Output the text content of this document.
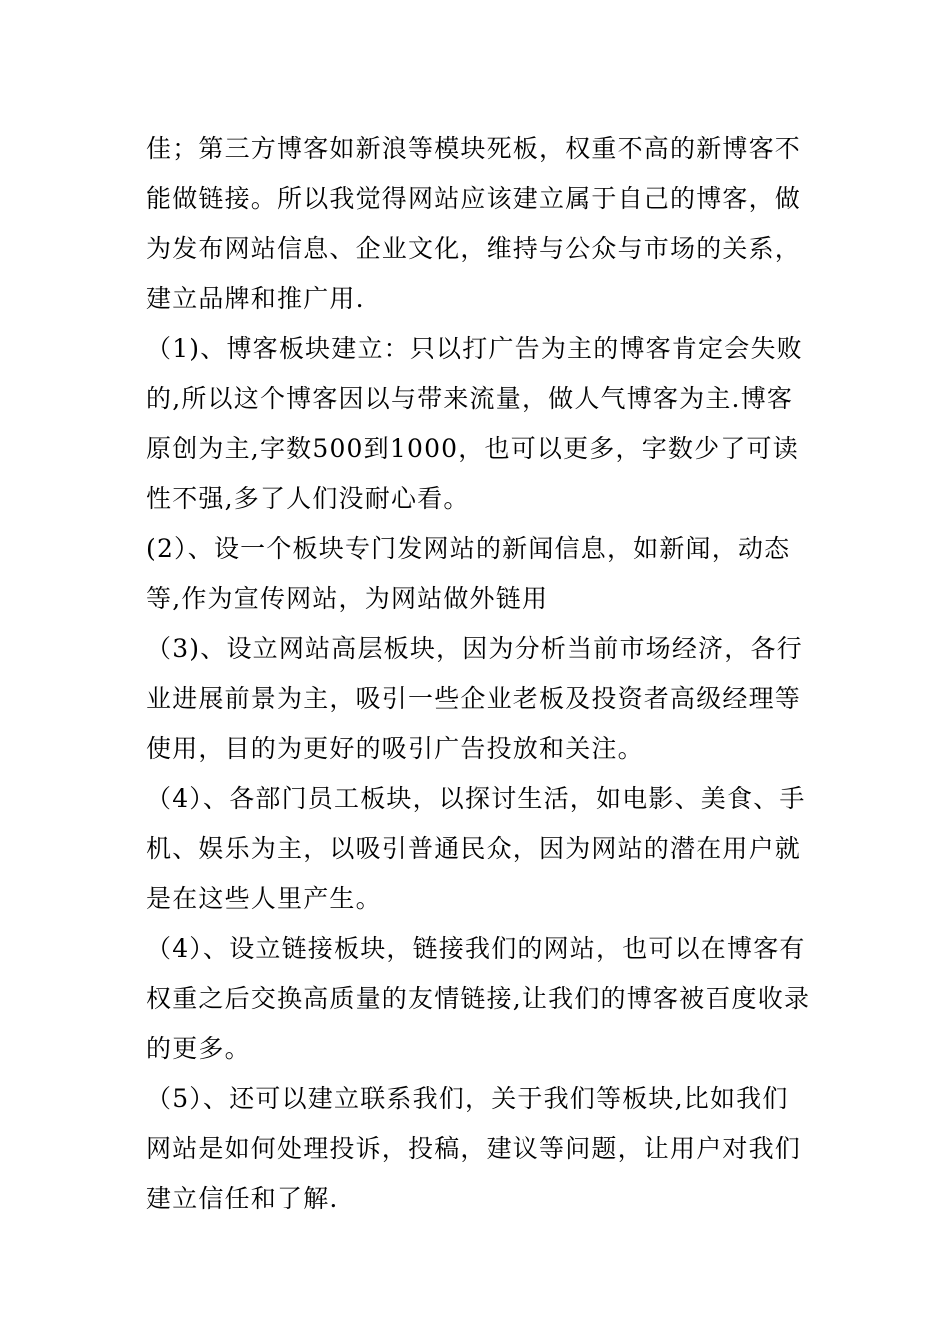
佳；第三方博客如新浪等模块死板，权重不高的新博客不能做链接。所以我觉得网站应该建立属于自己的博客，做为发布网站信息、企业文化，维持与公众与市场的关系，建立品牌和推广用.

（1)、博客板块建立：只以打广告为主的博客肯定会失败的,所以这个博客因以与带来流量，做人气博客为主.博客原创为主,字数500到1000，也可以更多，字数少了可读性不强,多了人们没耐心看。

(2）、设一个板块专门发网站的新闻信息，如新闻，动态等,作为宣传网站，为网站做外链用

（3)、设立网站高层板块，因为分析当前市场经济，各行业进展前景为主，吸引一些企业老板及投资者高级经理等使用，目的为更好的吸引广告投放和关注。

（4）、各部门员工板块，以探讨生活，如电影、美食、手机、娱乐为主，以吸引普通民众，因为网站的潜在用户就是在这些人里产生。

（4）、设立链接板块，链接我们的网站，也可以在博客有权重之后交换高质量的友情链接,让我们的博客被百度收录的更多。

（5）、还可以建立联系我们，关于我们等板块,比如我们网站是如何处理投诉，投稿，建议等问题，让用户对我们建立信任和了解.
